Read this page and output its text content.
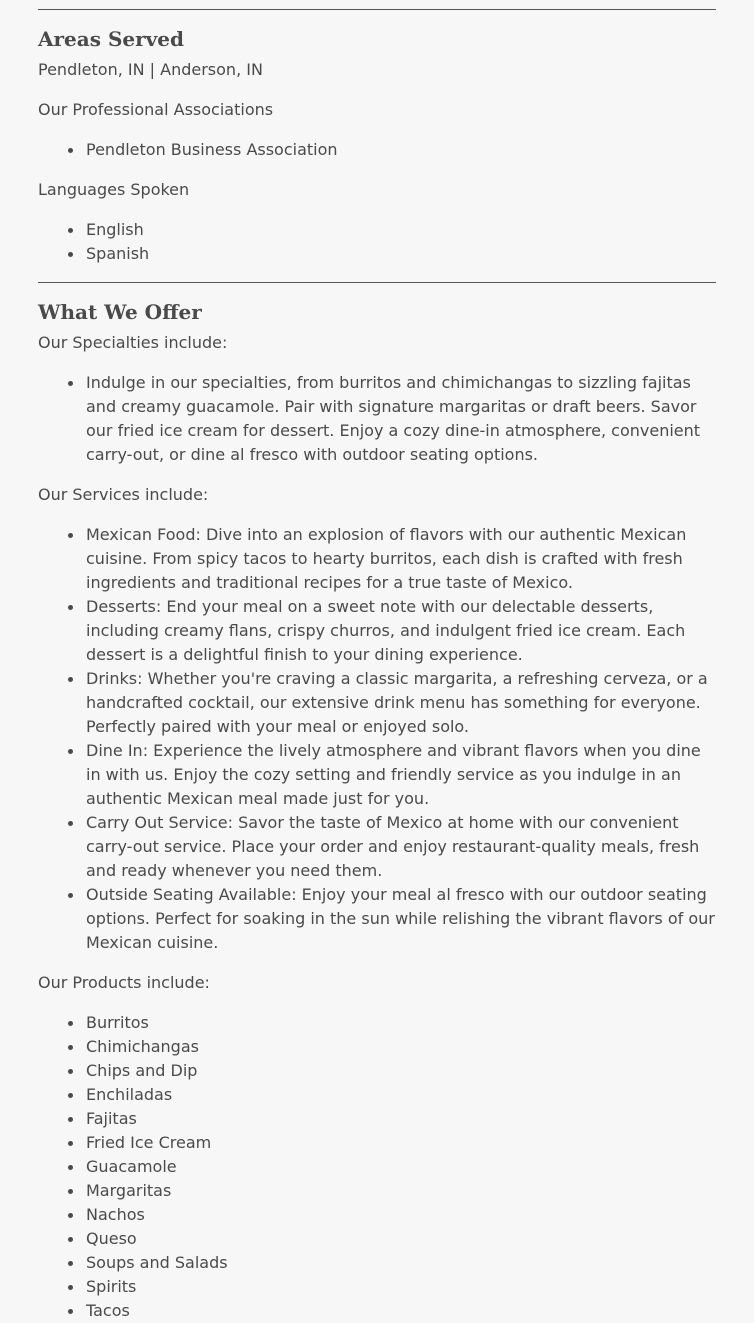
Areas Served

Pendleton, IN | Anderson, IN

Our Professional Associations

Pendleton Business Association

Languages Spoken

English
Spanish
What We Offer

Our Specialties include:

Indulge in our specialties, from burritos and chimichangas to sizzling fajitas and creamy guacamole. Pair with signature margaritas or draft beers. Savor our fried ice cream for dessert. Enjoy a cozy dine-in atmosphere, convenient carry-out, or dine al fresco with outdoor seating options.

Our Services include:

Mexican Food: Dive into an explosion of flavors with our authentic Mexican cuisine. From spicy tacos to hearty burritos, each dish is crafted with fresh ingredients and traditional recipes for a true taste of Mexico.
Desserts: End your meal on a sweet note with our delectable desserts, including creamy flans, crispy churros, and indulgent fried ice cream. Each dessert is a delightful finish to your dining experience.
Drinks: Whether you're craving a classic margarita, a refreshing cerveza, or a handcrafted cocktail, our extensive drink menu has something for everyone. Perfectly paired with your meal or enjoyed solo.
Dine In: Experience the lively atmosphere and vibrant flavors when you dine in with us. Enjoy the cozy setting and friendly service as you indulge in an authentic Mexican meal made just for you.
Carry Out Service: Savor the taste of Mexico at home with our convenient carry-out service. Place your order and enjoy restaurant-quality meals, fresh and ready whenever you need them.
Outside Seating Available: Enjoy your meal al fresco with our outdoor seating options. Perfect for soaking in the sun while relishing the vibrant flavors of our Mexican cuisine.

Our Products include:

Burritos
Chimichangas
Chips and Dip
Enchiladas
Fajitas
Fried Ice Cream
Guacamole
Margaritas
Nachos
Queso
Soups and Salads
Spirits
Tacos
